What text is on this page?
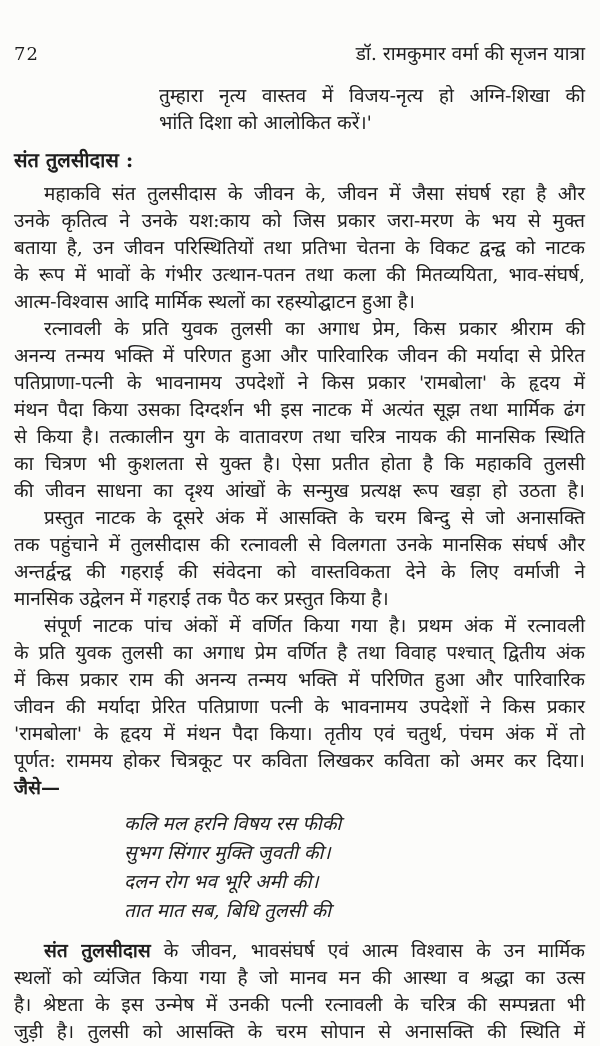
72	डॉ. रामकुमार वर्मा की सृजन यात्रा
तुम्हारा नृत्य वास्तव में विजय-नृत्य हो अग्नि-शिखा की
भांति दिशा को आलोकित करें।'
संत तुलसीदास :
महाकवि संत तुलसीदास के जीवन के, जीवन में जैसा संघर्ष रहा है और
उनके कृतित्व ने उनके यश:काय को जिस प्रकार जरा-मरण के भय से मुक्त
बताया है, उन जीवन परिस्थितियों तथा प्रतिभा चेतना के विकट द्वन्द्व को नाटक
के रूप में भावों के गंभीर उत्थान-पतन तथा कला की मितव्ययिता, भाव-संघर्ष,
आत्म-विश्वास आदि मार्मिक स्थलों का रहस्योद्घाटन हुआ है।
रत्नावली के प्रति युवक तुलसी का अगाध प्रेम, किस प्रकार श्रीराम की
अनन्य तन्मय भक्ति में परिणत हुआ और पारिवारिक जीवन की मर्यादा से प्रेरित
पतिप्राणा-पत्नी के भावनामय उपदेशों ने किस प्रकार 'रामबोला' के हृदय में
मंथन पैदा किया उसका दिग्दर्शन भी इस नाटक में अत्यंत सूझ तथा मार्मिक ढंग
से किया है। तत्कालीन युग के वातावरण तथा चरित्र नायक की मानसिक स्थिति
का चित्रण भी कुशलता से युक्त है। ऐसा प्रतीत होता है कि महाकवि तुलसी
की जीवन साधना का दृश्य आंखों के सन्मुख प्रत्यक्ष रूप खड़ा हो उठता है।
प्रस्तुत नाटक के दूसरे अंक में आसक्ति के चरम बिन्दु से जो अनासक्ति
तक पहुंचाने में तुलसीदास की रत्नावली से विलगता उनके मानसिक संघर्ष और
अन्तर्द्वन्द्व की गहराई की संवेदना को वास्तविकता देने के लिए वर्माजी ने
मानसिक उद्वेलन में गहराई तक पैठ कर प्रस्तुत किया है।
संपूर्ण नाटक पांच अंकों में वर्णित किया गया है। प्रथम अंक में रत्नावली
के प्रति युवक तुलसी का अगाध प्रेम वर्णित है तथा विवाह पश्चात् द्वितीय अंक
में किस प्रकार राम की अनन्य तन्मय भक्ति में परिणित हुआ और पारिवारिक
जीवन की मर्यादा प्रेरित पतिप्राणा पत्नी के भावनामय उपदेशों ने किस प्रकार
'रामबोला' के हृदय में मंथन पैदा किया। तृतीय एवं चतुर्थ, पंचम अंक में तो
पूर्णत: राममय होकर चित्रकूट पर कविता लिखकर कविता को अमर कर दिया।
जैसे—
कलि मल हरनि विषय रस फीकी
सुभग सिंगार मुक्ति जुवती की।
दलन रोग भव भूरि अमी की।
तात मात सब, बिधि तुलसी की
संत तुलसीदास के जीवन, भावसंघर्ष एवं आत्म विश्वास के उन मार्मिक
स्थलों को व्यंजित किया गया है जो मानव मन की आस्था व श्रद्धा का उत्स
है। श्रेष्टता के इस उन्मेष में उनकी पत्नी रत्नावली के चरित्र की सम्पन्नता भी
जुड़ी है। तुलसी को आसक्ति के चरम सोपान से अनासक्ति की स्थिति में
